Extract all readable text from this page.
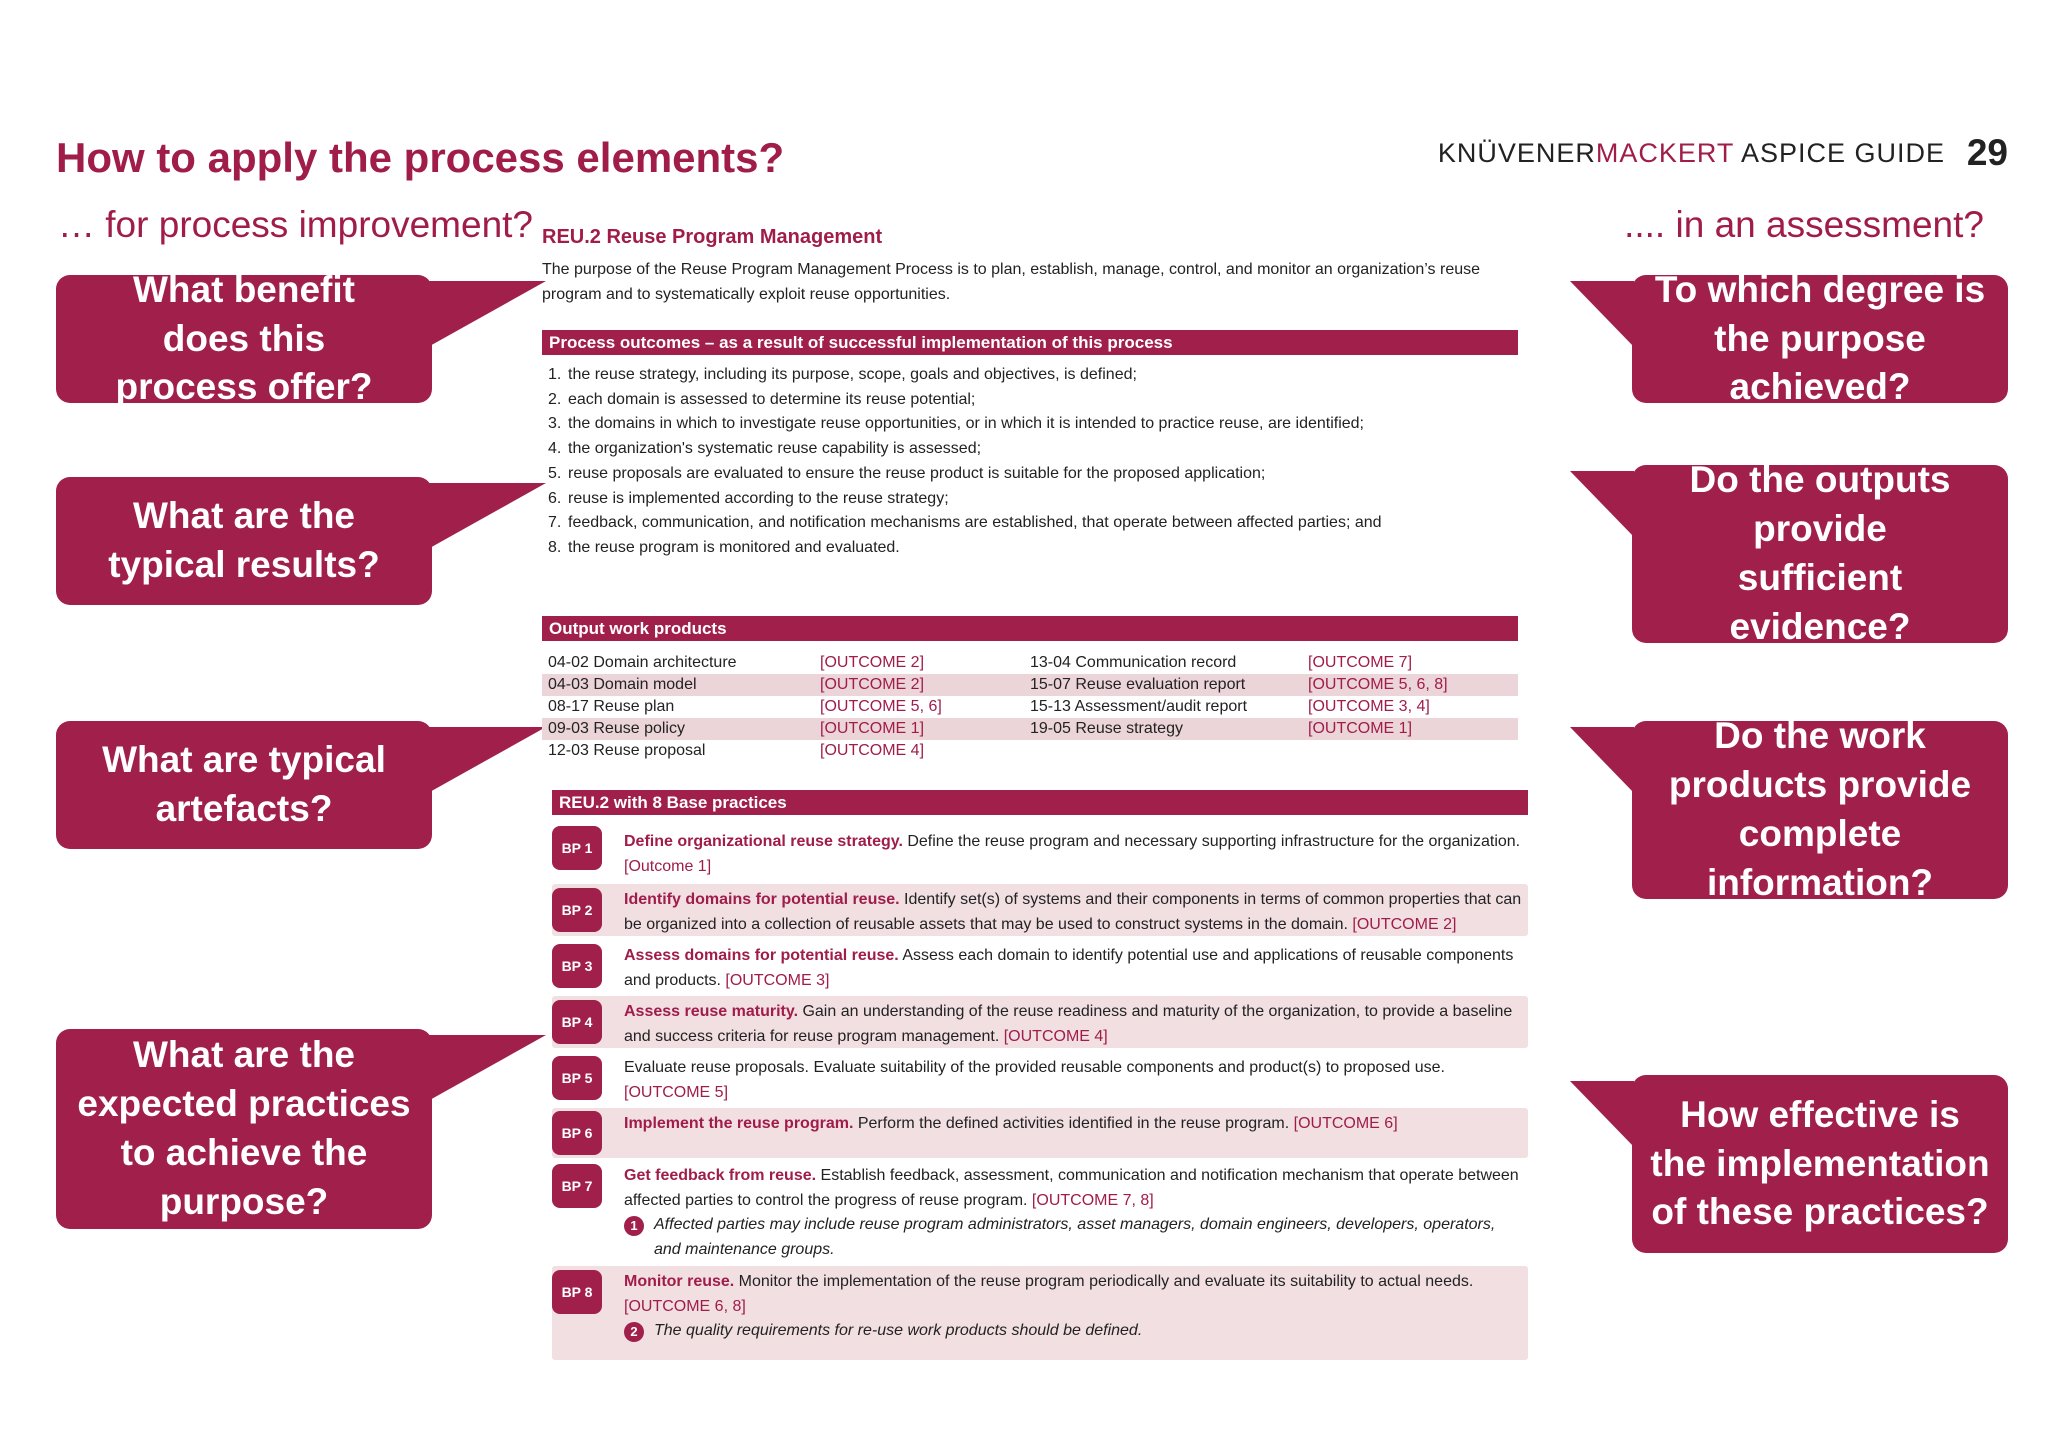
How to apply the process elements?
… for process improvement?	.... in an assessment?
KNÜVENERMACKERT ASPICE GUIDE 29
What benefit does this process offer?
What are the typical results?
What are typical artefacts?
What are the expected practices to achieve the purpose?
To which degree is the purpose achieved?
Do the outputs provide sufficient evidence?
Do the work products provide complete information?
How effective is the implementation of these practices?
REU.2 Reuse Program Management
The purpose of the Reuse Program Management Process is to plan, establish, manage, control, and monitor an organization’s reuse program and to systematically exploit reuse opportunities.
Process outcomes – as a result of successful implementation of this process
1. the reuse strategy, including its purpose, scope, goals and objectives, is defined;
2. each domain is assessed to determine its reuse potential;
3. the domains in which to investigate reuse opportunities, or in which it is intended to practice reuse, are identified;
4. the organization's systematic reuse capability is assessed;
5. reuse proposals are evaluated to ensure the reuse product is suitable for the proposed application;
6. reuse is implemented according to the reuse strategy;
7. feedback, communication, and notification mechanisms are established, that operate between affected parties; and
8. the reuse program is monitored and evaluated.
Output work products
04-02 Domain architecture	[OUTCOME 2]	13-04 Communication record	[OUTCOME 7]
04-03 Domain model	[OUTCOME 2]	15-07 Reuse evaluation report	[OUTCOME 5, 6, 8]
08-17 Reuse plan	[OUTCOME 5, 6]	15-13 Assessment/audit report	[OUTCOME 3, 4]
09-03 Reuse policy	[OUTCOME 1]	19-05 Reuse strategy	[OUTCOME 1]
12-03 Reuse proposal	[OUTCOME 4]
REU.2 with 8 Base practices
BP 1	Define organizational reuse strategy. Define the reuse program and necessary supporting infrastructure for the organization. [Outcome 1]
BP 2
Identify domains for potential reuse. Identify set(s) of systems and their components in terms of common properties that can be organized into a collection of reusable assets that may be used to construct systems in the domain. [OUTCOME 2]
BP 3
Assess domains for potential reuse. Assess each domain to identify potential use and applications of reusable components and products. [OUTCOME 3]
BP 4
Assess reuse maturity. Gain an understanding of the reuse readiness and maturity of the organization, to provide a baseline and success criteria for reuse program management. [OUTCOME 4]
BP 5
Evaluate reuse proposals. Evaluate suitability of the provided reusable components and product(s) to proposed use. [OUTCOME 5]
BP 6
Implement the reuse program. Perform the defined activities identified in the reuse program. [OUTCOME 6]
BP 7
Get feedback from reuse. Establish feedback, assessment, communication and notification mechanism that operate between affected parties to control the progress of reuse program. [OUTCOME 7, 8]
1	Affected parties may include reuse program administrators, asset managers, domain engineers, developers, operators, and maintenance groups.
BP 8
Monitor reuse. Monitor the implementation of the reuse program periodically and evaluate its suitability to actual needs. [OUTCOME 6, 8]
2	The quality requirements for re-use work products should be defined.
